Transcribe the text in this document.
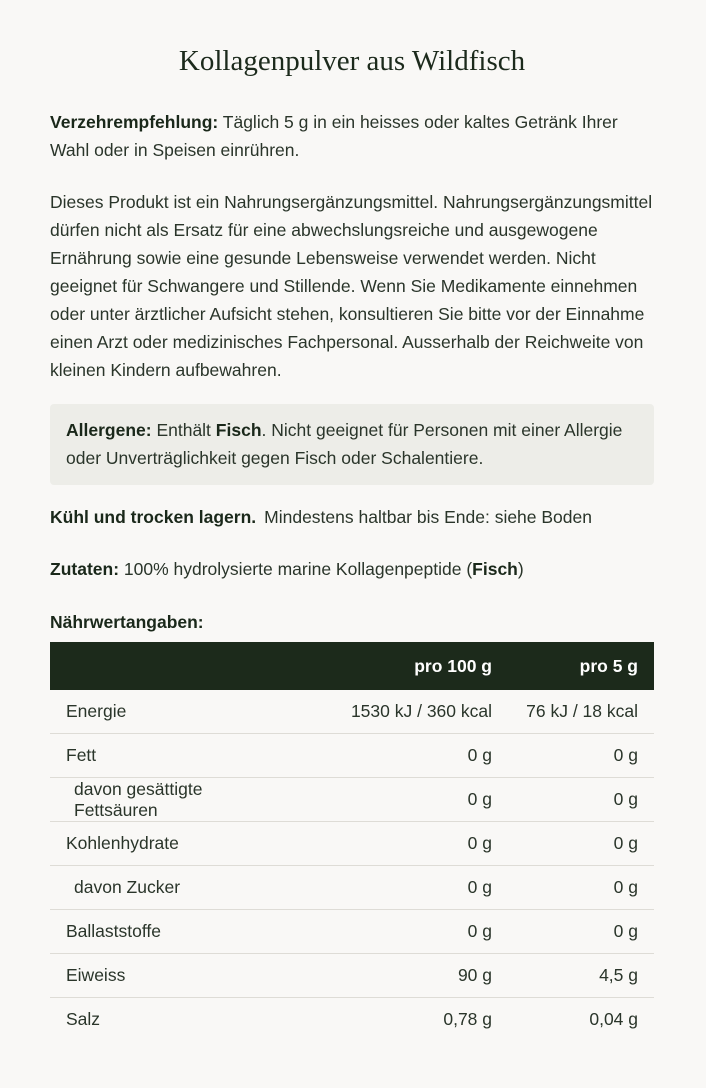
Kollagenpulver aus Wildfisch

Verzehrempfehlung: Täglich 5 g in ein heisses oder kaltes Getränk Ihrer Wahl oder in Speisen einrühren.

Dieses Produkt ist ein Nahrungsergänzungsmittel. Nahrungsergänzungsmittel dürfen nicht als Ersatz für eine abwechslungsreiche und ausgewogene Ernährung sowie eine gesunde Lebensweise verwendet werden. Nicht geeignet für Schwangere und Stillende. Wenn Sie Medikamente einnehmen oder unter ärztlicher Aufsicht stehen, konsultieren Sie bitte vor der Einnahme einen Arzt oder medizinisches Fachpersonal. Ausserhalb der Reichweite von kleinen Kindern aufbewahren.

Allergene: Enthält Fisch. Nicht geeignet für Personen mit einer Allergie oder Unverträglichkeit gegen Fisch oder Schalentiere.

Kühl und trocken lagern. Mindestens haltbar bis Ende: siehe Boden

Zutaten: 100% hydrolysierte marine Kollagenpeptide (Fisch)

Nährwertangaben:

	pro 100 g	pro 5 g
Energie	1530 kJ / 360 kcal	76 kJ / 18 kcal
Fett	0 g	0 g
davon gesättigte Fettsäuren	0 g	0 g
Kohlenhydrate	0 g	0 g
davon Zucker	0 g	0 g
Ballaststoffe	0 g	0 g
Eiweiss	90 g	4,5 g
Salz	0,78 g	0,04 g
